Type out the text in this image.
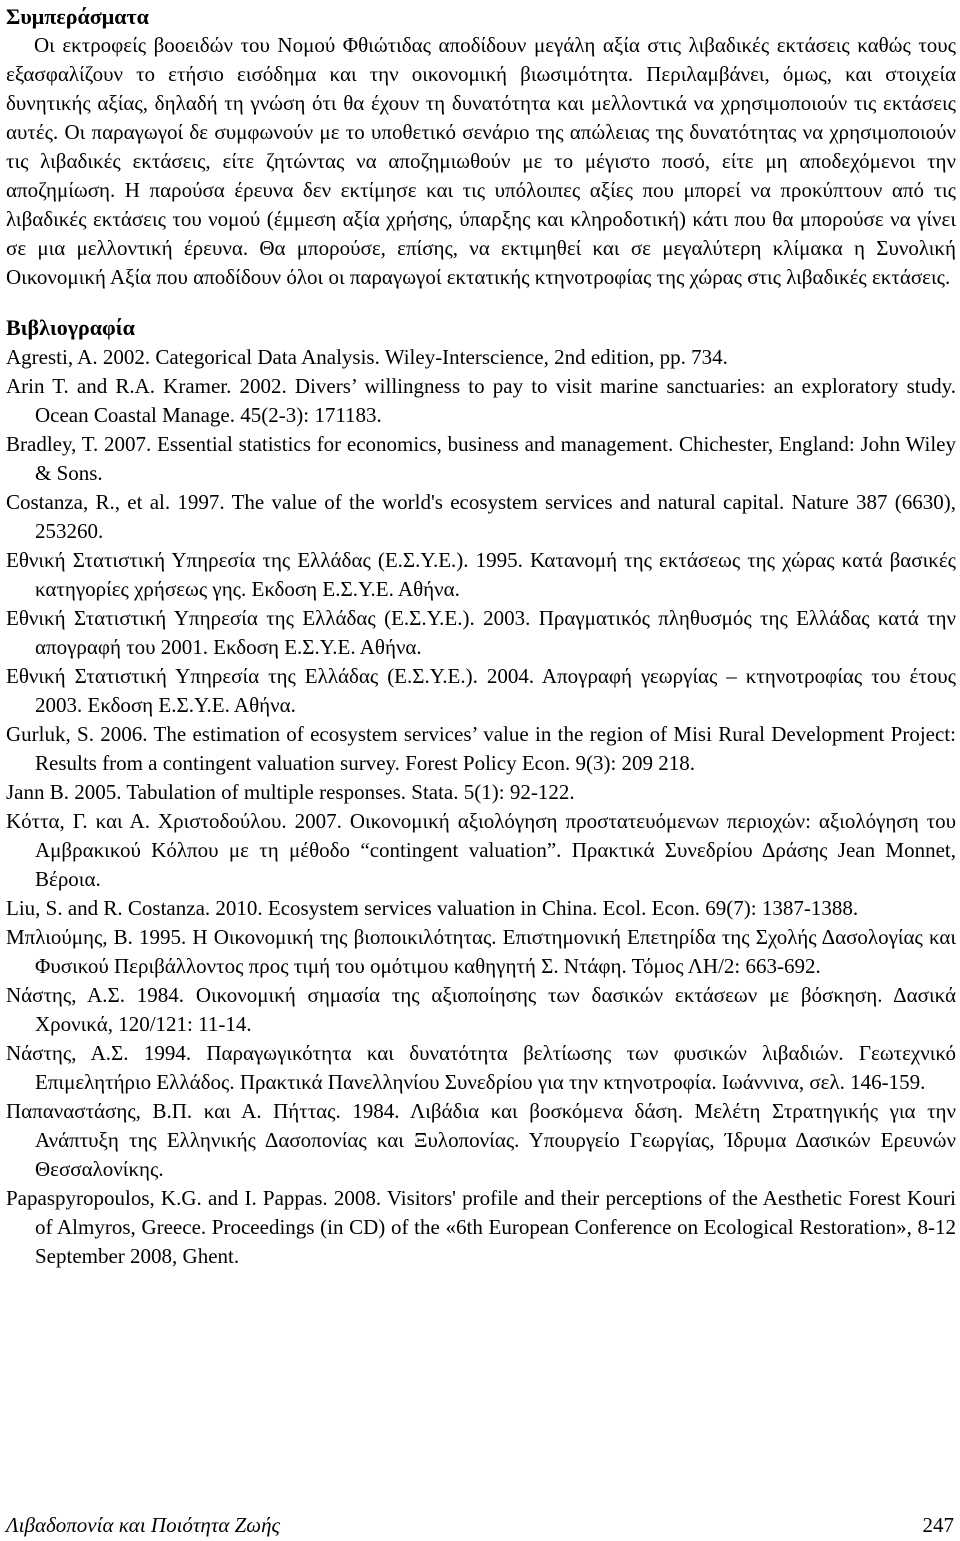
Συμπεράσματα

Οι εκτροφείς βοοειδών του Νομού Φθιώτιδας αποδίδουν μεγάλη αξία στις λιβαδικές εκτάσεις καθώς τους εξασφαλίζουν το ετήσιο εισόδημα και την οικονομική βιωσιμότητα. Περιλαμβάνει, όμως, και στοιχεία δυνητικής αξίας, δηλαδή τη γνώση ότι θα έχουν τη δυνατότητα και μελλοντικά να χρησιμοποιούν τις εκτάσεις αυτές. Οι παραγωγοί δε συμφωνούν με το υποθετικό σενάριο της απώλειας της δυνατότητας να χρησιμοποιούν τις λιβαδικές εκτάσεις, είτε ζητώντας να αποζημιωθούν με το μέγιστο ποσό, είτε μη αποδεχόμενοι την αποζημίωση. Η παρούσα έρευνα δεν εκτίμησε και τις υπόλοιπες αξίες που μπορεί να προκύπτουν από τις λιβαδικές εκτάσεις του νομού (έμμεση αξία χρήσης, ύπαρξης και κληροδοτική) κάτι που θα μπορούσε να γίνει σε μια μελλοντική έρευνα. Θα μπορούσε, επίσης, να εκτιμηθεί και σε μεγαλύτερη κλίμακα η Συνολική Οικονομική Αξία που αποδίδουν όλοι οι παραγωγοί εκτατικής κτηνοτροφίας της χώρας στις λιβαδικές εκτάσεις.

Βιβλιογραφία
Agresti, A. 2002. Categorical Data Analysis. Wiley-Interscience, 2nd edition, pp. 734.
Arin T. and R.A. Kramer. 2002. Divers’ willingness to pay to visit marine sanctuaries: an exploratory study. Ocean Coastal Manage. 45(2-3): 171183.
Bradley, T. 2007. Essential statistics for economics, business and management. Chichester, England: John Wiley & Sons.
Costanza, R., et al. 1997. The value of the world's ecosystem services and natural capital. Nature 387 (6630), 253260.
Εθνική Στατιστική Υπηρεσία της Ελλάδας (Ε.Σ.Υ.Ε.). 1995. Κατανομή της εκτάσεως της χώρας κατά βασικές κατηγορίες χρήσεως γης. Εκδοση Ε.Σ.Υ.Ε. Αθήνα.
Εθνική Στατιστική Υπηρεσία της Ελλάδας (Ε.Σ.Υ.Ε.). 2003. Πραγματικός πληθυσμός της Ελλάδας κατά την απογραφή του 2001. Εκδοση Ε.Σ.Υ.Ε. Αθήνα.
Εθνική Στατιστική Υπηρεσία της Ελλάδας (Ε.Σ.Υ.Ε.). 2004. Απογραφή γεωργίας – κτηνοτροφίας του έτους 2003. Εκδοση Ε.Σ.Υ.Ε. Αθήνα.
Gurluk, S. 2006. The estimation of ecosystem services’ value in the region of Misi Rural Development Project: Results from a contingent valuation survey. Forest Policy Econ. 9(3): 209 218.
Jann B. 2005. Tabulation of multiple responses. Stata. 5(1): 92-122.
Κόττα, Γ. και Α. Χριστοδούλου. 2007. Οικονομική αξιολόγηση προστατευόμενων περιοχών: αξιολόγηση του Αμβρακικού Κόλπου με τη μέθοδο “contingent valuation”. Πρακτικά Συνεδρίου Δράσης Jean Monnet, Βέροια.
Liu, S. and R. Costanza. 2010. Ecosystem services valuation in China. Ecol. Econ. 69(7): 1387-1388.
Μπλιούμης, Β. 1995. Η Οικονομική της βιοποικιλότητας. Επιστημονική Επετηρίδα της Σχολής Δασολογίας και Φυσικού Περιβάλλοντος προς τιμή του ομότιμου καθηγητή Σ. Ντάφη. Τόμος ΛΗ/2: 663-692.
Νάστης, Α.Σ. 1984. Οικονομική σημασία της αξιοποίησης των δασικών εκτάσεων με βόσκηση. Δασικά Χρονικά, 120/121: 11-14.
Νάστης, Α.Σ. 1994. Παραγωγικότητα και δυνατότητα βελτίωσης των φυσικών λιβαδιών. Γεωτεχνικό Επιμελητήριο Ελλάδος. Πρακτικά Πανελληνίου Συνεδρίου για την κτηνοτροφία. Ιωάννινα, σελ. 146-159.
Παπαναστάσης, Β.Π. και Α. Πήττας. 1984. Λιβάδια και βοσκόμενα δάση. Μελέτη Στρατηγικής για την Ανάπτυξη της Ελληνικής Δασοπονίας και Ξυλοπονίας. Υπουργείο Γεωργίας, Ίδρυμα Δασικών Ερευνών Θεσσαλονίκης.
Papaspyropoulos, K.G. and I. Pappas. 2008. Visitors' profile and their perceptions of the Aesthetic Forest Kouri of Almyros, Greece. Proceedings (in CD) of the «6th European Conference on Ecological Restoration», 8-12 September 2008, Ghent.
Λιβαδοπονία και Ποιότητα Ζωής	247
